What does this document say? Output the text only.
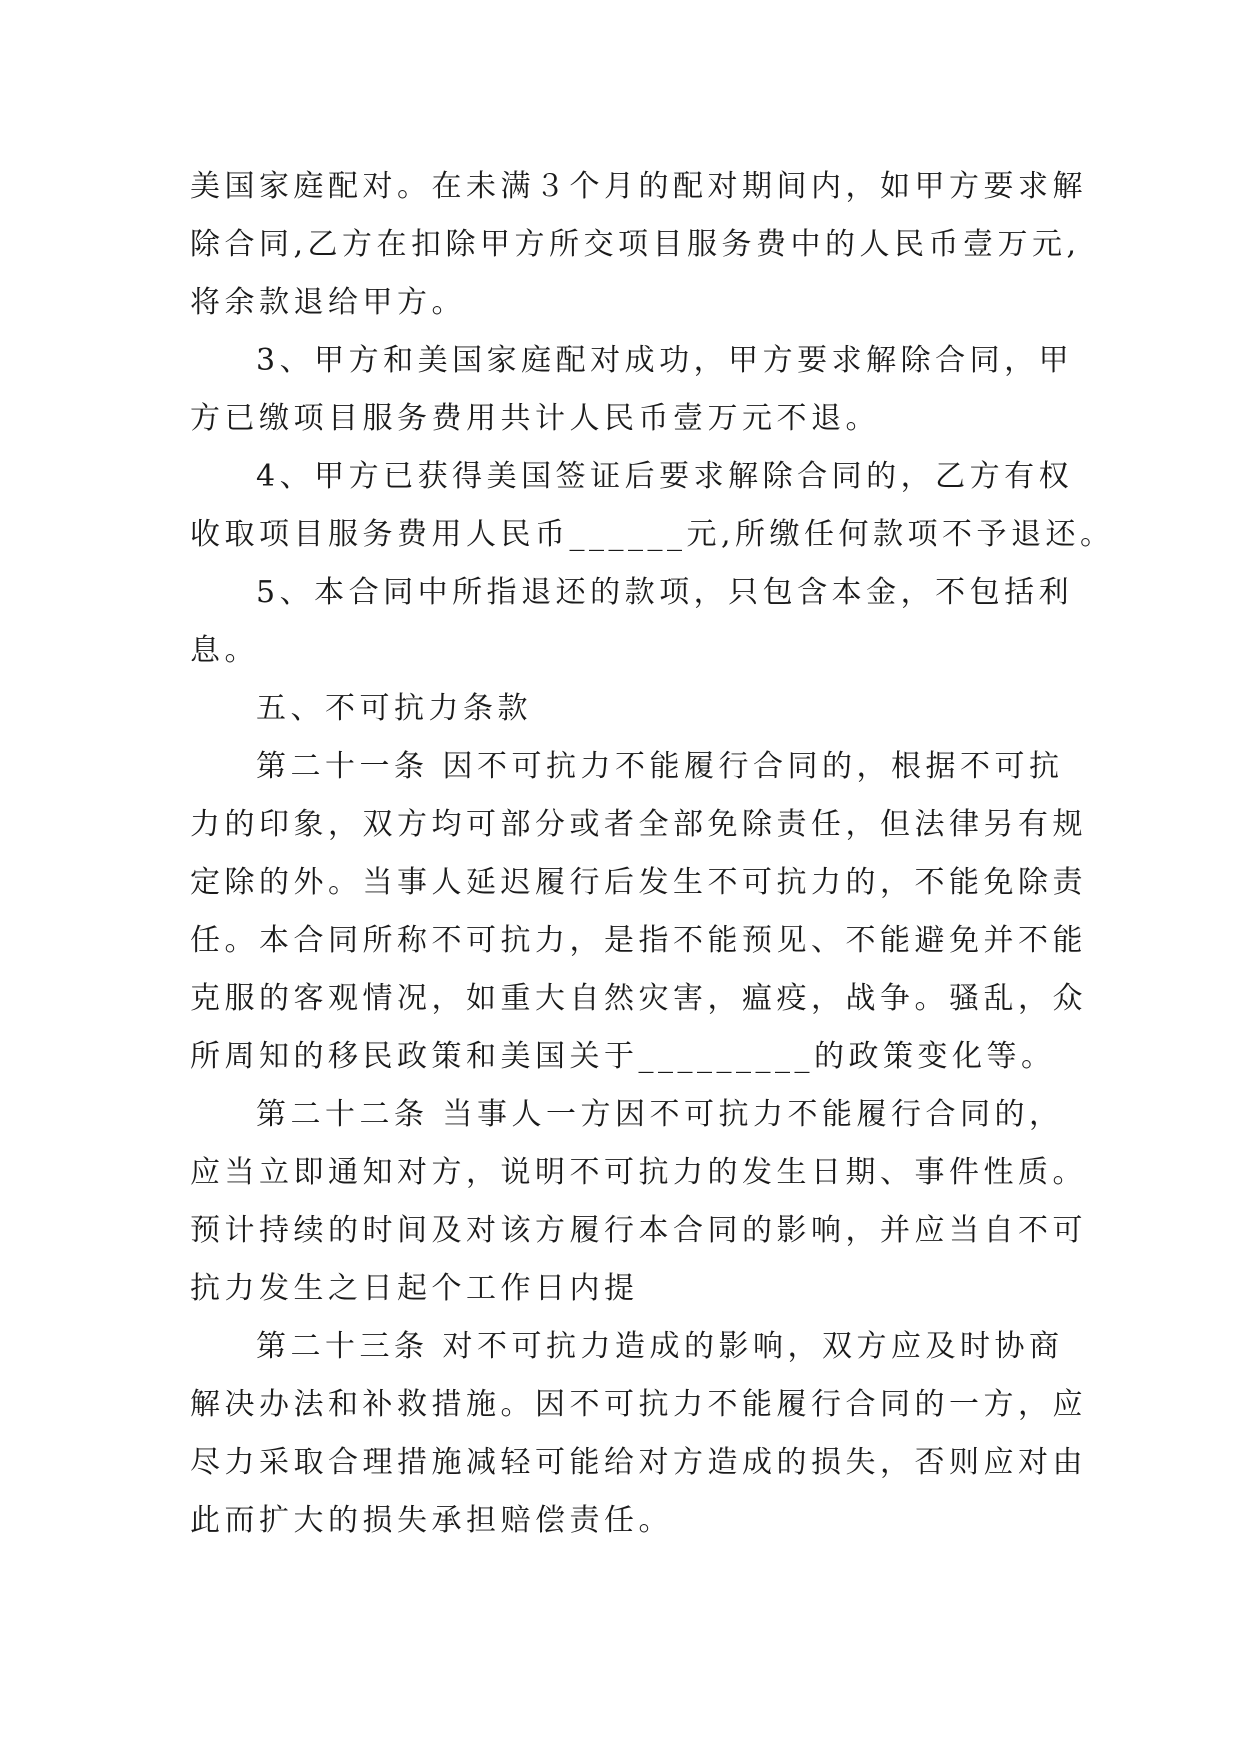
美国家庭配对。在未满３个月的配对期间内，如甲方要求解
除合同,乙方在扣除甲方所交项目服务费中的人民币壹万元,
将余款退给甲方。
3、甲方和美国家庭配对成功，甲方要求解除合同，甲
方已缴项目服务费用共计人民币壹万元不退。
4、甲方已获得美国签证后要求解除合同的，乙方有权
收取项目服务费用人民币______元,所缴任何款项不予退还。
5、本合同中所指退还的款项，只包含本金，不包括利
息。
五、不可抗力条款
第二十一条 因不可抗力不能履行合同的，根据不可抗
力的印象，双方均可部分或者全部免除责任，但法律另有规
定除的外。当事人延迟履行后发生不可抗力的，不能免除责
任。本合同所称不可抗力，是指不能预见、不能避免并不能
克服的客观情况，如重大自然灾害，瘟疫，战争。骚乱，众
所周知的移民政策和美国关于_________的政策变化等。
第二十二条 当事人一方因不可抗力不能履行合同的，
应当立即通知对方，说明不可抗力的发生日期、事件性质。
预计持续的时间及对该方履行本合同的影响，并应当自不可
抗力发生之日起个工作日内提
第二十三条 对不可抗力造成的影响，双方应及时协商
解决办法和补救措施。因不可抗力不能履行合同的一方，应
尽力采取合理措施减轻可能给对方造成的损失，否则应对由
此而扩大的损失承担赔偿责任。
